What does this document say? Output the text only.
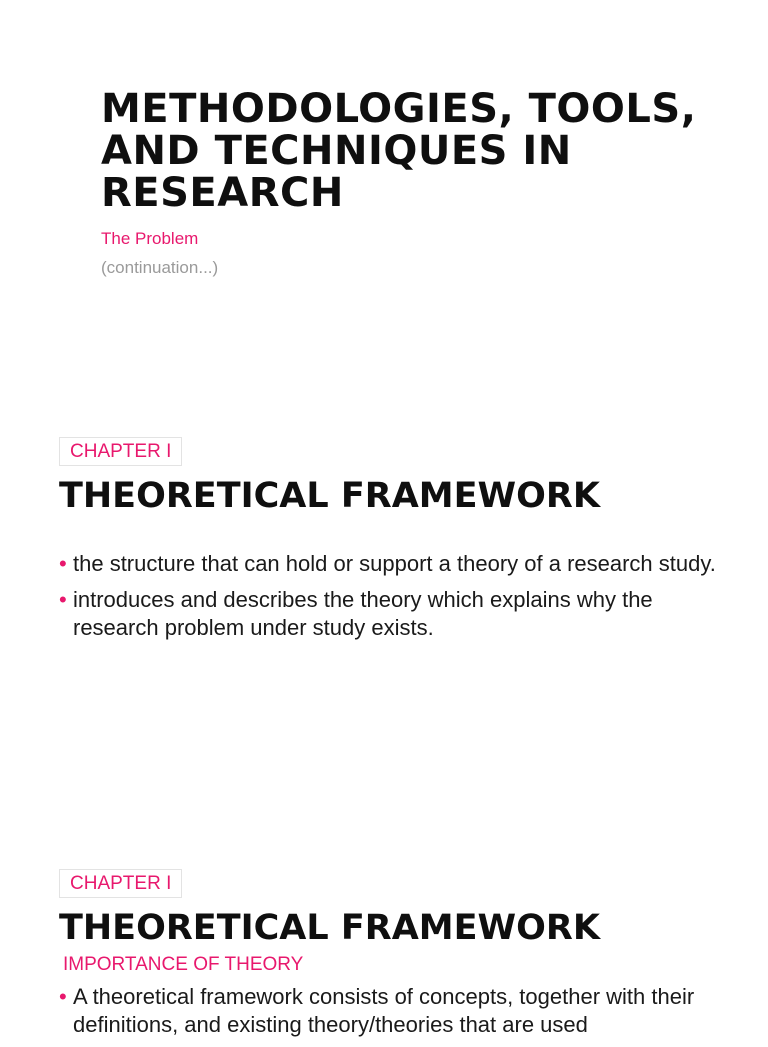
METHODOLOGIES, TOOLS, AND TECHNIQUES IN RESEARCH
The Problem
(continuation...)
CHAPTER I
THEORETICAL FRAMEWORK
• the structure that can hold or support a theory of a research study.
• introduces and describes the theory which explains why the research problem under study exists.
CHAPTER I
THEORETICAL FRAMEWORK
IMPORTANCE OF THEORY
• A theoretical framework consists of concepts, together with their definitions, and existing theory/theories that are used
